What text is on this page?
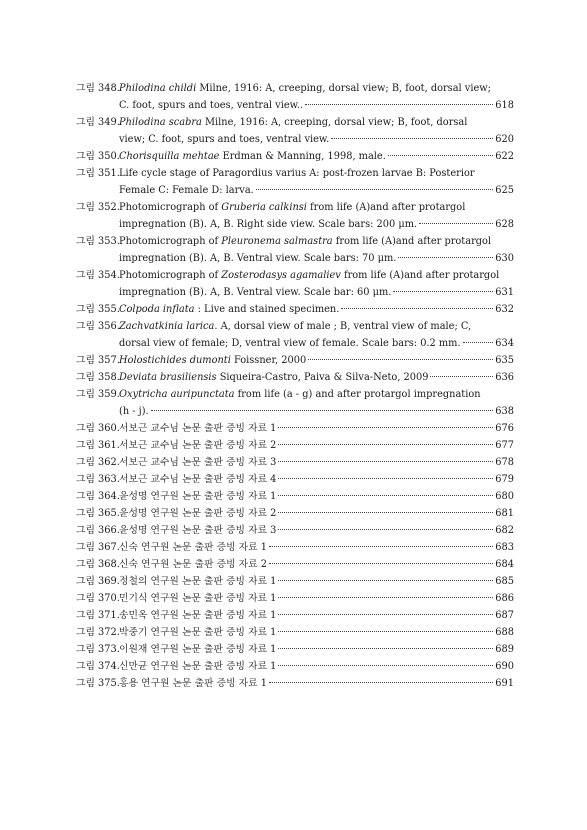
그림 348. Philodina childi Milne, 1916: A, creeping, dorsal view; B, foot, dorsal view;
C. foot, spurs and toes, ventral view..	618
그림 349. Philodina scabra Milne, 1916: A, creeping, dorsal view; B, foot, dorsal
view; C. foot, spurs and toes, ventral view.	620
그림 350. Chorisquilla mehtae Erdman & Manning, 1998, male.	622
그림 351. Life cycle stage of Paragordius varius A: post-frozen larvae B: Posterior
Female C: Female D: larva.	625
그림 352. Photomicrograph of Gruberia calkinsi from life (A)and after protargol
impregnation (B). A, B. Right side view. Scale bars: 200 μm.	628
그림 353. Photomicrograph of Pleuronema salmastra from life (A)and after protargol
impregnation (B). A, B. Ventral view. Scale bars: 70 μm.	630
그림 354. Photomicrograph of Zosterodasys agamaliev from life (A)and after protargol
impregnation (B). A, B. Ventral view. Scale bar: 60 μm.	631
그림 355. Colpoda inflata : Live and stained specimen.	632
그림 356. Zachvatkinia larica. A, dorsal view of male ; B, ventral view of male; C,
dorsal view of female; D, ventral view of female. Scale bars: 0.2 mm.	634
그림 357. Holostichides dumonti Foissner, 2000	635
그림 358. Deviata brasiliensis Siqueira-Castro, Paiva & Silva-Neto, 2009	636
그림 359. Oxytricha auripunctata from life (a - g) and after protargol impregnation
(h - j).	638
그림 360. 서보근 교수님 논문 출판 증빙 자료 1	676
그림 361. 서보근 교수님 논문 출판 증빙 자료 2	677
그림 362. 서보근 교수님 논문 출판 증빙 자료 3	678
그림 363. 서보근 교수님 논문 출판 증빙 자료 4	679
그림 364. 윤성명 연구원 논문 출판 증빙 자료 1	680
그림 365. 윤성명 연구원 논문 출판 증빙 자료 2	681
그림 366. 윤성명 연구원 논문 출판 증빙 자료 3	682
그림 367. 신숙 연구원 논문 출판 증빙 자료 1	683
그림 368. 신숙 연구원 논문 출판 증빙 자료 2	684
그림 369. 정철의 연구원 논문 출판 증빙 자료 1	685
그림 370. 민기식 연구원 논문 출판 증빙 자료 1	686
그림 371. 송민옥 연구원 논문 출판 증빙 자료 1	687
그림 372. 박중기 연구원 논문 출판 증빙 자료 1	688
그림 373. 이원재 연구원 논문 출판 증빙 자료 1	689
그림 374. 신만균 연구원 논문 출판 증빙 자료 1	690
그림 375. 홍용 연구원 논문 출판 증빙 자료 1	691
